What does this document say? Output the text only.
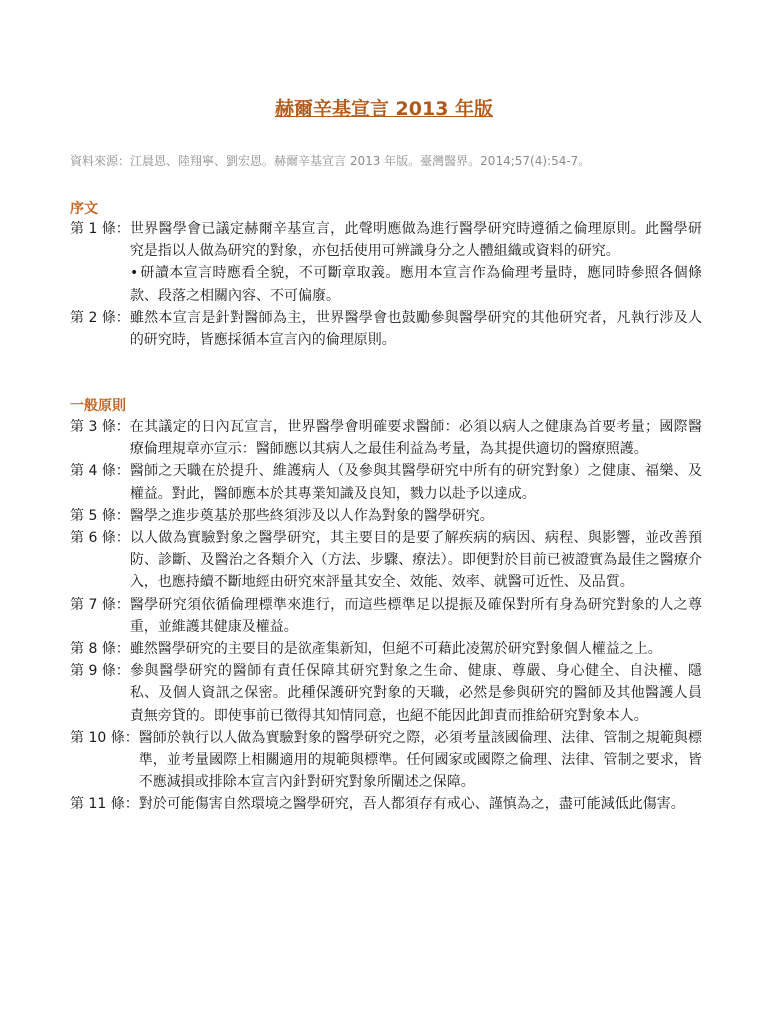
赫爾辛基宣言 2013 年版
資料來源：江晨恩、陸翔寧、劉宏恩。赫爾辛基宣言 2013 年版。臺灣醫界。2014;57(4):54-7。
序文
第 1 條： 世界醫學會已議定赫爾辛基宣言，此聲明應做為進行醫學研究時遵循之倫理原則。此醫學研究是指以人做為研究的對象，亦包括使用可辨識身分之人體組織或資料的研究。
• 研讀本宣言時應看全貌，不可斷章取義。應用本宣言作為倫理考量時，應同時參照各個條款、段落之相關內容、不可偏廢。
第 2 條： 雖然本宣言是針對醫師為主，世界醫學會也鼓勵參與醫學研究的其他研究者，凡執行涉及人的研究時，皆應採循本宣言內的倫理原則。
一般原則
第 3 條： 在其議定的日內瓦宣言，世界醫學會明確要求醫師：必須以病人之健康為首要考量；國際醫療倫理規章亦宣示：醫師應以其病人之最佳利益為考量，為其提供適切的醫療照護。
第 4 條： 醫師之天職在於提升、維護病人（及參與其醫學研究中所有的研究對象）之健康、福樂、及權益。對此，醫師應本於其專業知識及良知，戮力以赴予以達成。
第 5 條： 醫學之進步奠基於那些終須涉及以人作為對象的醫學研究。
第 6 條： 以人做為實驗對象之醫學研究，其主要目的是要了解疾病的病因、病程、與影響，並改善預防、診斷、及醫治之各類介入（方法、步驟、療法）。即便對於目前已被證實為最佳之醫療介入，也應持續不斷地經由研究來評量其安全、效能、效率、就醫可近性、及品質。
第 7 條： 醫學研究須依循倫理標準來進行，而這些標準足以提振及確保對所有身為研究對象的人之尊重，並維護其健康及權益。
第 8 條： 雖然醫學研究的主要目的是欲產集新知，但絕不可藉此凌駕於研究對象個人權益之上。
第 9 條： 參與醫學研究的醫師有責任保障其研究對象之生命、健康、尊嚴、身心健全、自決權、隱私、及個人資訊之保密。此種保護研究對象的天職，必然是參與研究的醫師及其他醫護人員責無旁貸的。即使事前已徵得其知情同意，也絕不能因此卸責而推給研究對象本人。
第 10 條： 醫師於執行以人做為實驗對象的醫學研究之際，必須考量該國倫理、法律、管制之規範與標準，並考量國際上相關適用的規範與標準。任何國家或國際之倫理、法律、管制之要求，皆不應減損或排除本宣言內針對研究對象所闡述之保障。
第 11 條： 對於可能傷害自然環境之醫學研究，吾人都須存有戒心、謹慎為之，盡可能減低此傷害。
